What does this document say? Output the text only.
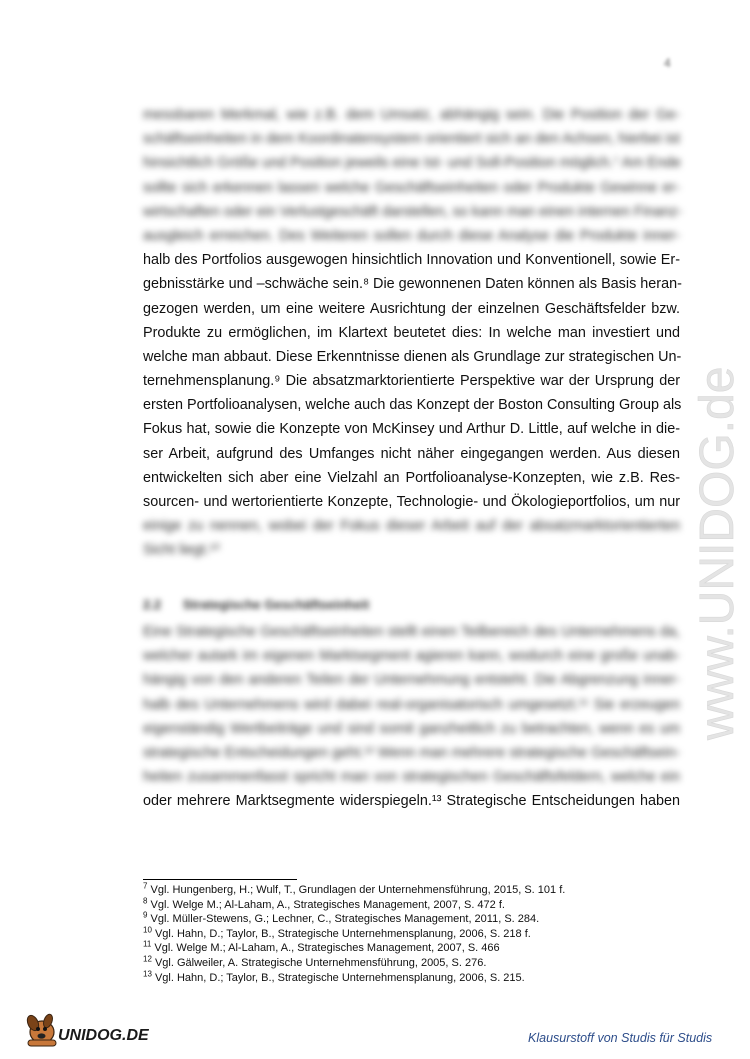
4
www.UNIDOG.de
messbaren Merkmal, wie z.B. dem Umsatz, abhängig sein. Die Position der Ge-
schäftseinheiten in dem Koordinatensystem orientiert sich an den Achsen, hierbei ist
hinsichtlich Größe und Position jeweils eine Ist- und Soll-Position möglich.⁷ Am Ende
sollte sich erkennen lassen welche Geschäftseinheiten oder Produkte Gewinne er-
wirtschaften oder ein Verlustgeschäft darstellen, so kann man einen internen Finanz-
ausgleich erreichen. Des Weiteren sollen durch diese Analyse die Produkte inner-
halb des Portfolios ausgewogen hinsichtlich Innovation und Konventionell, sowie Er-
gebnisstärke und –schwäche sein.⁸ Die gewonnenen Daten können als Basis heran-
gezogen werden, um eine weitere Ausrichtung der einzelnen Geschäftsfelder bzw.
Produkte zu ermöglichen, im Klartext beutetet dies: In welche man investiert und
welche man abbaut. Diese Erkenntnisse dienen als Grundlage zur strategischen Un-
ternehmensplanung.⁹ Die absatzmarktorientierte Perspektive war der Ursprung der
ersten Portfolioanalysen, welche auch das Konzept der Boston Consulting Group als
Fokus hat, sowie die Konzepte von McKinsey und Arthur D. Little, auf welche in die-
ser Arbeit, aufgrund des Umfanges nicht näher eingegangen werden. Aus diesen
entwickelten sich aber eine Vielzahl an Portfolioanalyse-Konzepten, wie z.B. Res-
sourcen- und wertorientierte Konzepte, Technologie- und Ökologieportfolios, um nur
einige zu nennen, wobei der Fokus dieser Arbeit auf der absatzmarktorientierten
Sicht liegt.¹⁰
2.2      Strategische Geschäftseinheit
Eine Strategische Geschäftseinheiten stellt einen Teilbereich des Unternehmens da,
welcher autark im eigenen Marktsegment agieren kann, wodurch eine große unab-
hängig von den anderen Teilen der Unternehmung entsteht. Die Abgrenzung inner-
halb des Unternehmens wird dabei real-organisatorisch umgesetzt.¹¹ Sie erzeugen
eigenständig Wertbeiträge und sind somit ganzheitlich zu betrachten, wenn es um
strategische Entscheidungen geht.¹² Wenn man mehrere strategische Geschäftsein-
heiten zusammenfasst spricht man von strategischen Geschäftsfeldern, welche ein
oder mehrere Marktsegmente widerspiegeln.¹³ Strategische Entscheidungen haben
$^7$ Vgl. Hungenberg, H.; Wulf, T., Grundlagen der Unternehmensführung, 2015, S. 101 f.
$^8$ Vgl. Welge M.; Al-Laham, A., Strategisches Management, 2007, S. 472 f.
$^9$ Vgl. Müller-Stewens, G.; Lechner, C., Strategisches Management, 2011, S. 284.
$^{10}$ Vgl. Hahn, D.; Taylor, B., Strategische Unternehmensplanung, 2006, S. 218 f.
$^{11}$ Vgl. Welge M.; Al-Laham, A., Strategisches Management, 2007, S. 466
$^{12}$ Vgl. Gälweiler, A. Strategische Unternehmensführung, 2005, S. 276.
$^{13}$ Vgl. Hahn, D.; Taylor, B., Strategische Unternehmensplanung, 2006, S. 215.
UNIDOG.DE	Klausurstoff von Studis für Studis
